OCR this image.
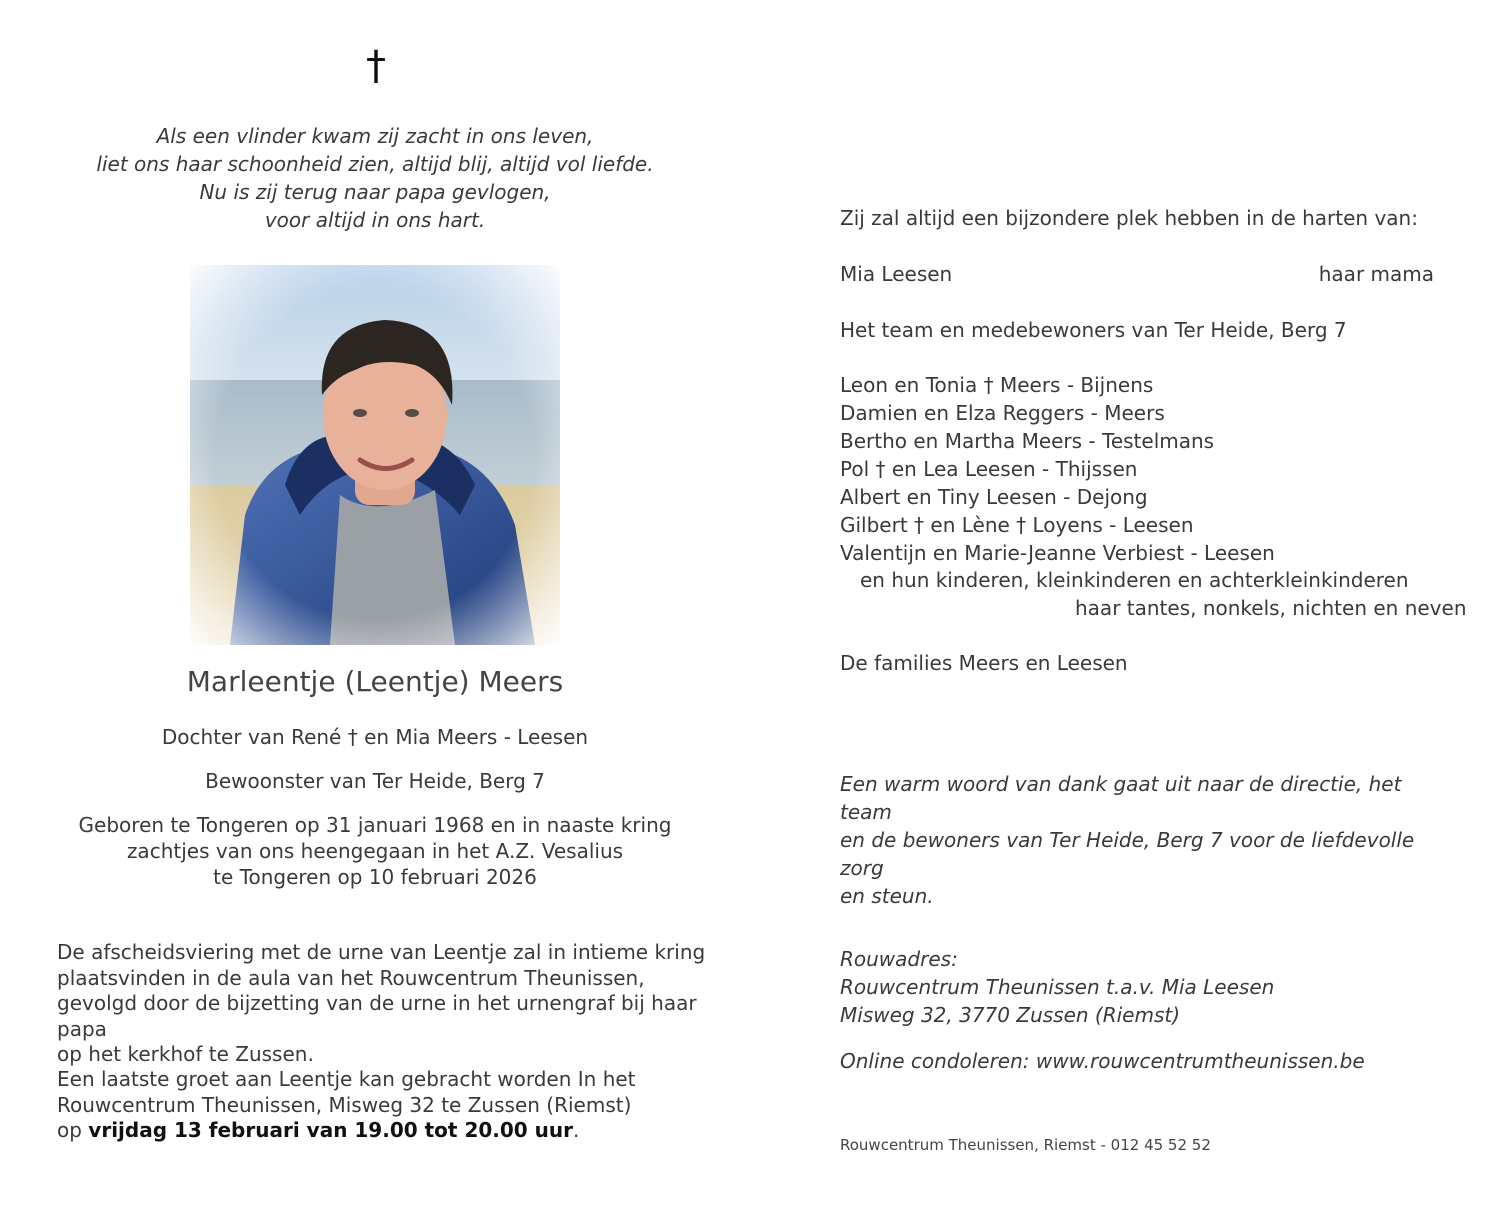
†
Als een vlinder kwam zij zacht in ons leven,
liet ons haar schoonheid zien, altijd blij, altijd vol liefde.
Nu is zij terug naar papa gevlogen,
voor altijd in ons hart.
Marleentje (Leentje) Meers
Dochter van René † en Mia Meers - Leesen
Bewoonster van Ter Heide, Berg 7
Geboren te Tongeren op 31 januari 1968 en in naaste kring
zachtjes van ons heengegaan in het A.Z. Vesalius
te Tongeren op 10 februari 2026
De afscheidsviering met de urne van Leentje zal in intieme kring
plaatsvinden in de aula van het Rouwcentrum Theunissen,
gevolgd door de bijzetting van de urne in het urnengraf bij haar papa
op het kerkhof te Zussen.
Een laatste groet aan Leentje kan gebracht worden In het
Rouwcentrum Theunissen, Misweg 32 te Zussen (Riemst)
op vrijdag 13 februari van 19.00 tot 20.00 uur.
Zij zal altijd een bijzondere plek hebben in de harten van:
Mia Leesen	haar mama
Het team en medebewoners van Ter Heide, Berg 7
Leon en Tonia † Meers - Bijnens
Damien en Elza Reggers - Meers
Bertho en Martha Meers - Testelmans
Pol † en Lea Leesen - Thijssen
Albert en Tiny Leesen - Dejong
Gilbert † en Lène † Loyens - Leesen
Valentijn en Marie-Jeanne Verbiest - Leesen
en hun kinderen, kleinkinderen en achterkleinkinderen
haar tantes, nonkels, nichten en neven
De families Meers en Leesen
Een warm woord van dank gaat uit naar de directie, het team
en de bewoners van Ter Heide, Berg 7 voor de liefdevolle zorg
en steun.
Rouwadres:
Rouwcentrum Theunissen t.a.v. Mia Leesen
Misweg 32, 3770 Zussen (Riemst)
Online condoleren: www.rouwcentrumtheunissen.be
Rouwcentrum Theunissen, Riemst - 012 45 52 52
